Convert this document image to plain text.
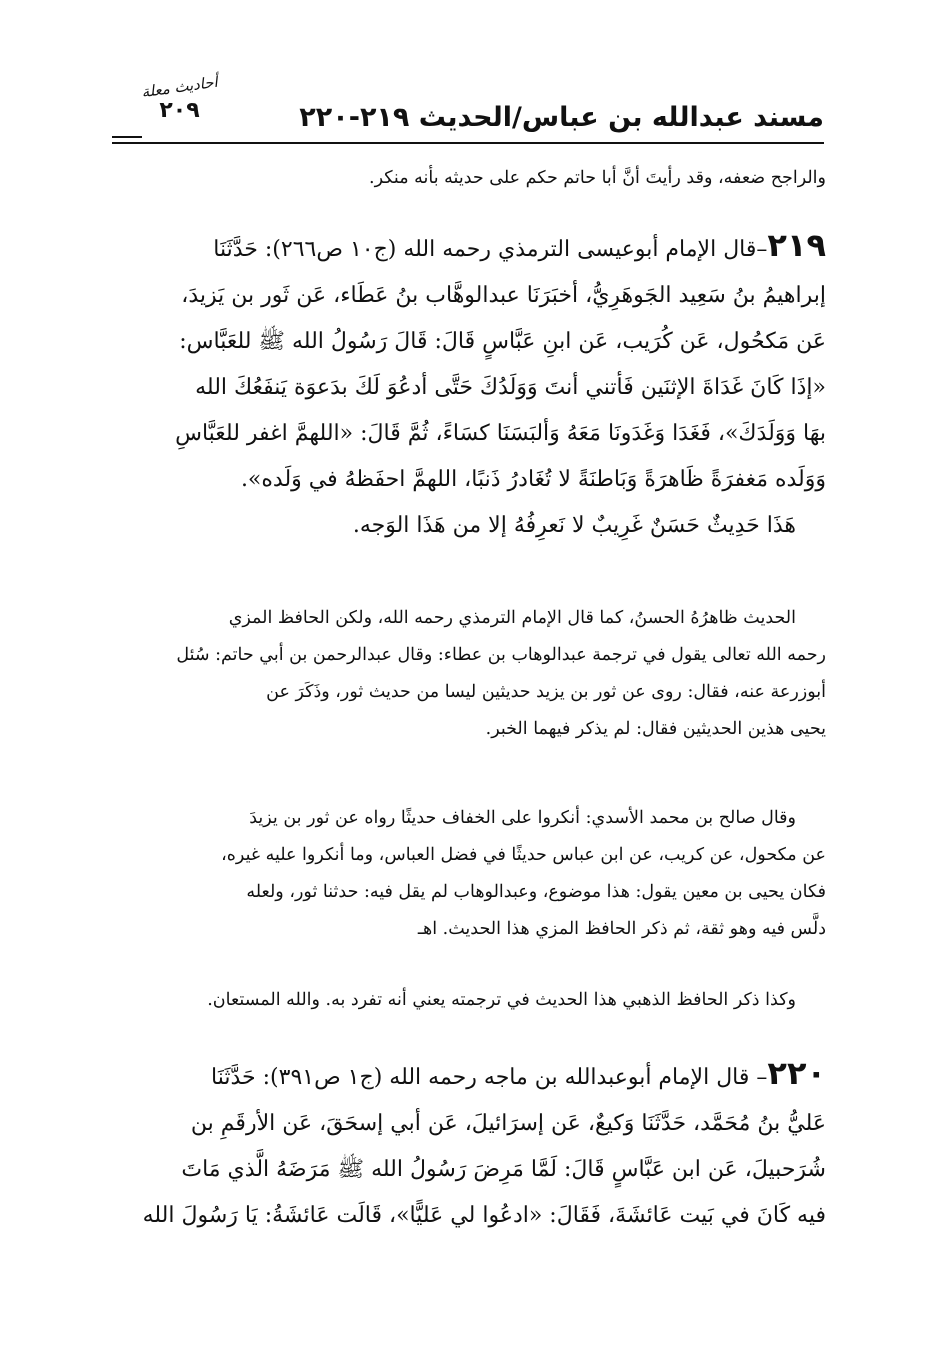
مسند عبدالله بن عباس/الحديث ٢١٩-٢٢٠
أحاديث معلة
٢٠٩
والراجح ضعفه، وقد رأيتَ أنَّ أبا حاتم حكم على حديثه بأنه منكر.
٢١٩–قال الإمام أبوعيسى الترمذي رحمه الله (ج١٠ ص٢٦٦): حَدَّثَنَا
إبراهيمُ بنُ سَعِيد الجَوهَرِيُّ، أخبَرَنَا عبدالوهَّاب بنُ عَطَاء، عَن ثَور بن يَزيدَ،
عَن مَكحُول، عَن كُرَيب، عَن ابنِ عَبَّاسٍ قَالَ: قَالَ رَسُولُ الله ﷺ للعَبَّاس:
«إذَا كَانَ غَدَاةَ الإثنَين فَأتني أنتَ وَوَلَدُكَ حَتَّى أدعُوَ لَكَ بدَعوَة يَنفَعُكَ الله
بهَا وَوَلَدَكَ»، فَغَدَا وَغَدَونَا مَعَهُ وَألبَسَنَا كسَاءً، ثُمَّ قَالَ: «اللهمَّ اغفر للعَبَّاسِ
وَوَلَده مَغفرَةً ظَاهرَةً وَبَاطنَةً لا تُغَادرُ ذَنبًا، اللهمَّ احفَظهُ في وَلَده».
هَذَا حَدِيثٌ حَسَنٌ غَرِيبٌ لا نَعرِفُهُ إلا من هَذَا الوَجه.
الحديث ظاهرُهُ الحسنُ، كما قال الإمام الترمذي رحمه الله، ولكن الحافظ المزي
رحمه الله تعالى يقول في ترجمة عبدالوهاب بن عطاء: وقال عبدالرحمن بن أبي حاتم: سُئل
أبوزرعة عنه، فقال: روى عن ثور بن يزيد حديثين ليسا من حديث ثور، وذَكَرَ عن
يحيى هذين الحديثين فقال: لم يذكر فيهما الخبر.
وقال صالح بن محمد الأسدي: أنكروا على الخفاف حديثًا رواه عن ثور بن يزيدَ
عن مكحول، عن كريب، عن ابن عباس حديثًا في فضل العباس، وما أنكروا عليه غيره،
فكان يحيى بن معين يقول: هذا موضوع، وعبدالوهاب لم يقل فيه: حدثنا ثور، ولعله
دلَّس فيه وهو ثقة، ثم ذكر الحافظ المزي هذا الحديث. اهـ
وكذا ذكر الحافظ الذهبي هذا الحديث في ترجمته يعني أنه تفرد به. والله المستعان.
٢٢٠– قال الإمام أبوعبدالله بن ماجه رحمه الله (ج١ ص٣٩١): حَدَّثَنَا
عَليُّ بنُ مُحَمَّد، حَدَّثَنَا وَكيعٌ، عَن إسرَائيلَ، عَن أبي إسحَقَ، عَن الأرقَمِ بن
شُرَحبيلَ، عَن ابن عَبَّاسٍ قَالَ: لَمَّا مَرِضَ رَسُولُ الله ﷺ مَرَضَهُ الَّذي مَاتَ
فيه كَانَ في بَيت عَائشَةَ، فَقَالَ: «ادعُوا لي عَليًّا»، قَالَت عَائشَةُ: يَا رَسُولَ الله
